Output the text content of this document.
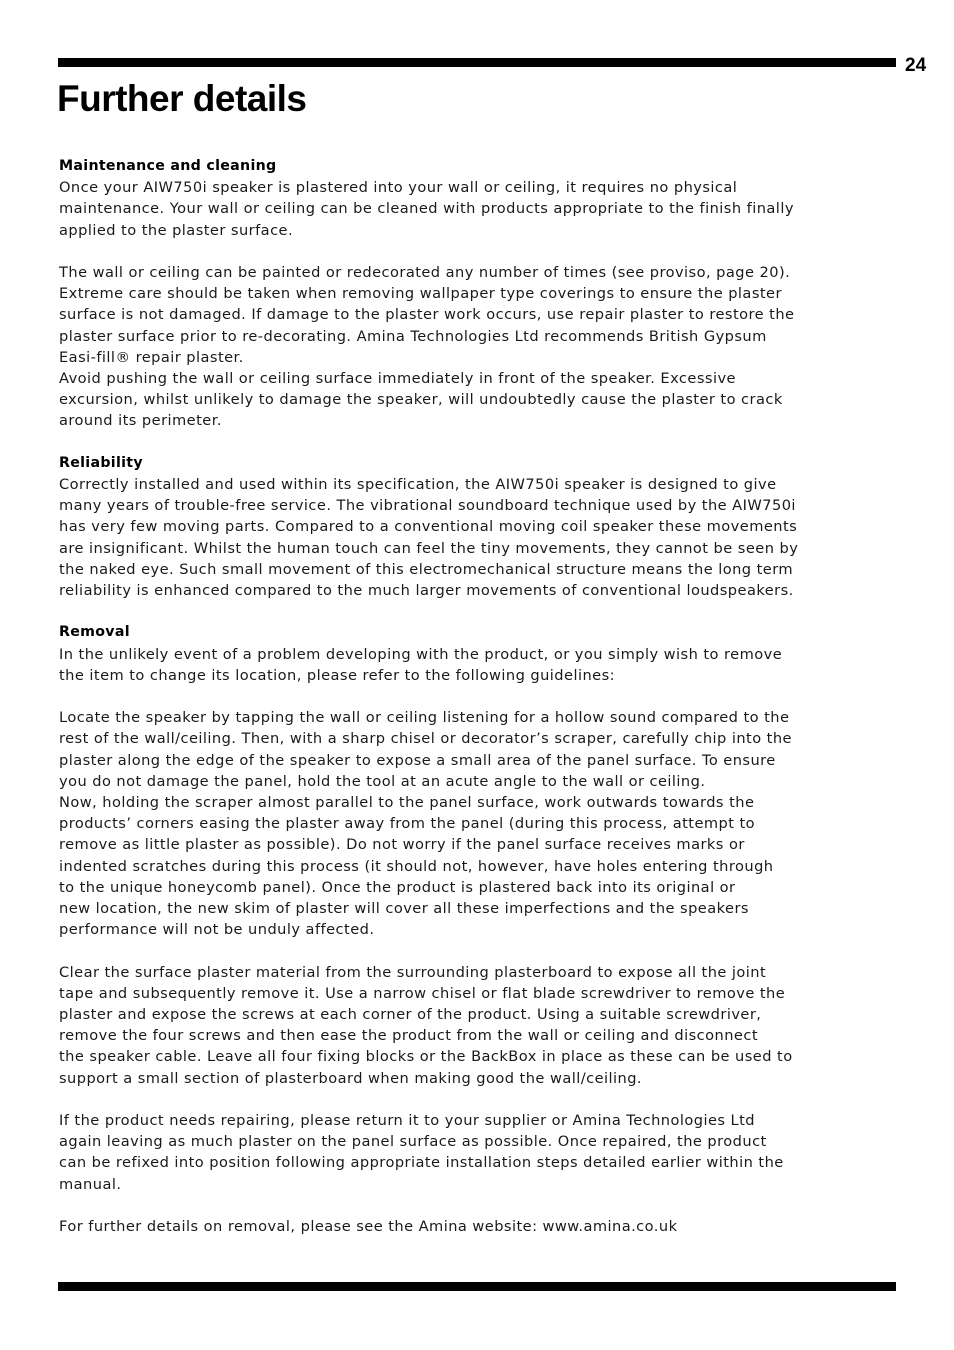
24
Further details
Maintenance and cleaning

Once your AIW750i speaker is plastered into your wall or ceiling, it requires no physical
maintenance. Your wall or ceiling can be cleaned with products appropriate to the finish finally
applied to the plaster surface.

The wall or ceiling can be painted or redecorated any number of times (see proviso, page 20).
Extreme care should be taken when removing wallpaper type coverings to ensure the plaster
surface is not damaged. If damage to the plaster work occurs, use repair plaster to restore the
plaster surface prior to re-decorating. Amina Technologies Ltd recommends British Gypsum
Easi-fill® repair plaster.

Avoid pushing the wall or ceiling surface immediately in front of the speaker. Excessive
excursion, whilst unlikely to damage the speaker, will undoubtedly cause the plaster to crack
around its perimeter.

Reliability

Correctly installed and used within its specification, the AIW750i speaker is designed to give
many years of trouble-free service. The vibrational soundboard technique used by the AIW750i
has very few moving parts. Compared to a conventional moving coil speaker these movements
are insignificant. Whilst the human touch can feel the tiny movements, they cannot be seen by
the naked eye. Such small movement of this electromechanical structure means the long term
reliability is enhanced compared to the much larger movements of conventional loudspeakers.

Removal

In the unlikely event of a problem developing with the product, or you simply wish to remove
the item to change its location, please refer to the following guidelines:

Locate the speaker by tapping the wall or ceiling listening for a hollow sound compared to the
rest of the wall/ceiling. Then, with a sharp chisel or decorator’s scraper, carefully chip into the
plaster along the edge of the speaker to expose a small area of the panel surface. To ensure
you do not damage the panel, hold the tool at an acute angle to the wall or ceiling.

Now, holding the scraper almost parallel to the panel surface, work outwards towards the
products’ corners easing the plaster away from the panel (during this process, attempt to
remove as little plaster as possible). Do not worry if the panel surface receives marks or
indented scratches during this process (it should not, however, have holes entering through
to the unique honeycomb panel). Once the product is plastered back into its original or
new location, the new skim of plaster will cover all these imperfections and the speakers
performance will not be unduly affected.

Clear the surface plaster material from the surrounding plasterboard to expose all the joint
tape and subsequently remove it. Use a narrow chisel or flat blade screwdriver to remove the
plaster and expose the screws at each corner of the product. Using a suitable screwdriver,
remove the four screws and then ease the product from the wall or ceiling and disconnect
the speaker cable. Leave all four fixing blocks or the BackBox in place as these can be used to
support a small section of plasterboard when making good the wall/ceiling.

If the product needs repairing, please return it to your supplier or Amina Technologies Ltd
again leaving as much plaster on the panel surface as possible. Once repaired, the product
can be refixed into position following appropriate installation steps detailed earlier within the
manual.

For further details on removal, please see the Amina website: www.amina.co.uk
